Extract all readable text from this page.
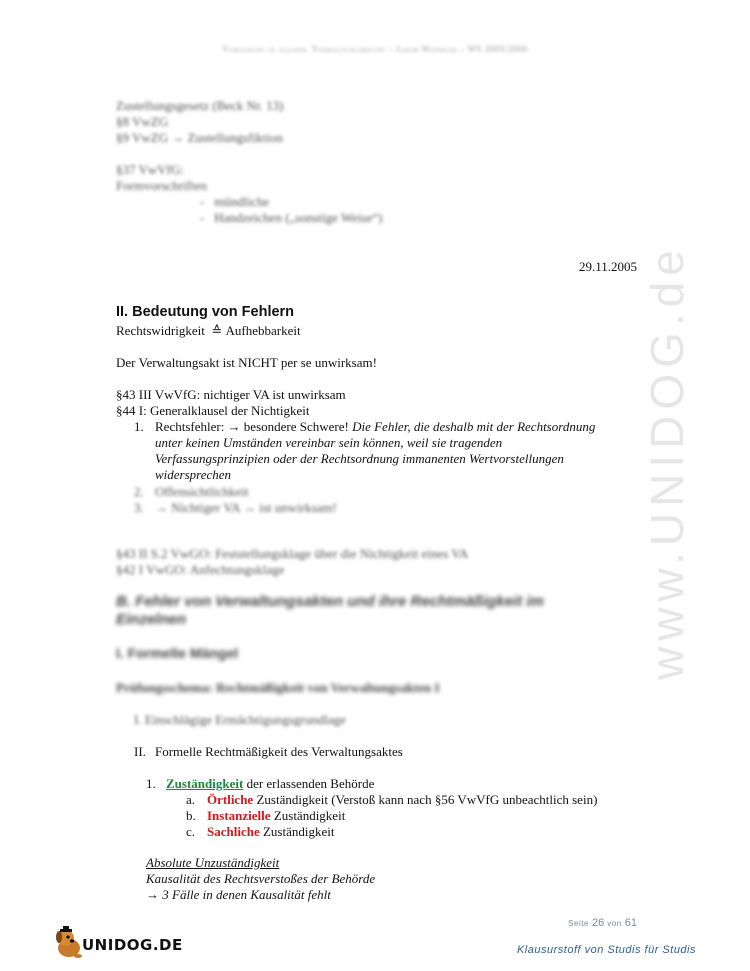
Vorlesung in allgem. Verwaltungsrecht – Jakob Wendler – WS 2005/2006
www.UNIDOG.de
Zustellungsgesetz (Beck Nr. 13)
§8 VwZG
§9 VwZG → Zustellungsfiktion
§37 VwVfG:
Formvorschriften
-   mündliche
-   Handzeichen („sonstige Weise“)
29.11.2005
II. Bedeutung von Fehlern
Rechtswidrigkeit ≙ Aufhebbarkeit
Der Verwaltungsakt ist NICHT per se unwirksam!
§43 III VwVfG: nichtiger VA ist unwirksam
§44 I: Generalklausel der Nichtigkeit
1. Rechtsfehler: → besondere Schwere! Die Fehler, die deshalb mit der Rechtsordnung
unter keinen Umständen vereinbar sein können, weil sie tragenden
Verfassungsprinzipien oder der Rechtsordnung immanenten Wertvorstellungen
widersprechen
2. Offensichtlichkeit
3. → Nichtiger VA → ist unwirksam!
§43 II S.2 VwGO: Feststellungsklage über die Nichtigkeit eines VA
§42 I VwGO: Anfechtungsklage
B. Fehler von Verwaltungsakten und ihre Rechtmäßigkeit im
Einzelnen
I. Formelle Mängel
Prüfungsschema: Rechtmäßigkeit von Verwaltungsakten I
I. Einschlägige Ermächtigungsgrundlage
II. Formelle Rechtmäßigkeit des Verwaltungsaktes
1. Zuständigkeit der erlassenden Behörde
a. Örtliche Zuständigkeit (Verstoß kann nach §56 VwVfG unbeachtlich sein)
b. Instanzielle Zuständigkeit
c. Sachliche Zuständigkeit
Absolute Unzuständigkeit
Kausalität des Rechtsverstoßes der Behörde
→ 3 Fälle in denen Kausalität fehlt
Seite 26 von 61
UNIDOG.DE	Klausurstoff von Studis für Studis
